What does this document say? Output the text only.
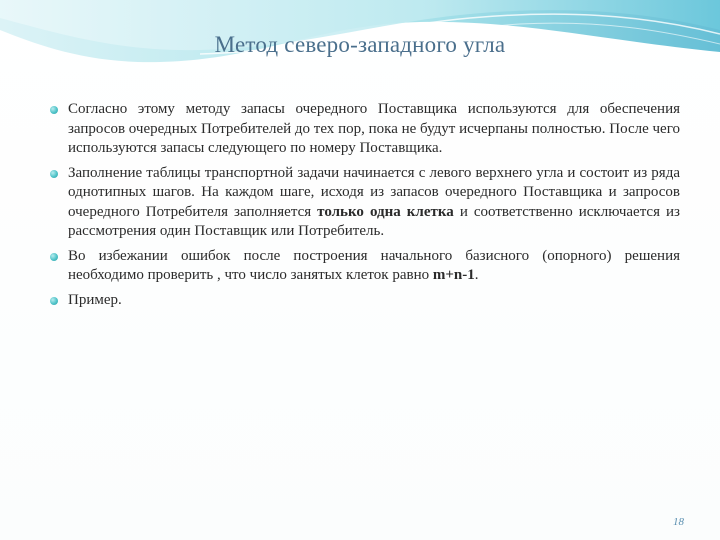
Метод северо-западного угла
Согласно этому методу запасы очередного Поставщика используются для обеспечения запросов очередных Потребителей до тех пор, пока не будут исчерпаны полностью. После чего используются запасы следующего по номеру Поставщика.
Заполнение таблицы транспортной задачи начинается с левого верхнего угла и состоит из ряда однотипных шагов. На каждом шаге, исходя из запасов очередного Поставщика и запросов очередного Потребителя заполняется только одна клетка и соответственно исключается из рассмотрения один Поставщик или Потребитель.
Во избежании ошибок после построения начального базисного (опорного) решения необходимо проверить , что число занятых клеток равно m+n-1.
Пример.
18
